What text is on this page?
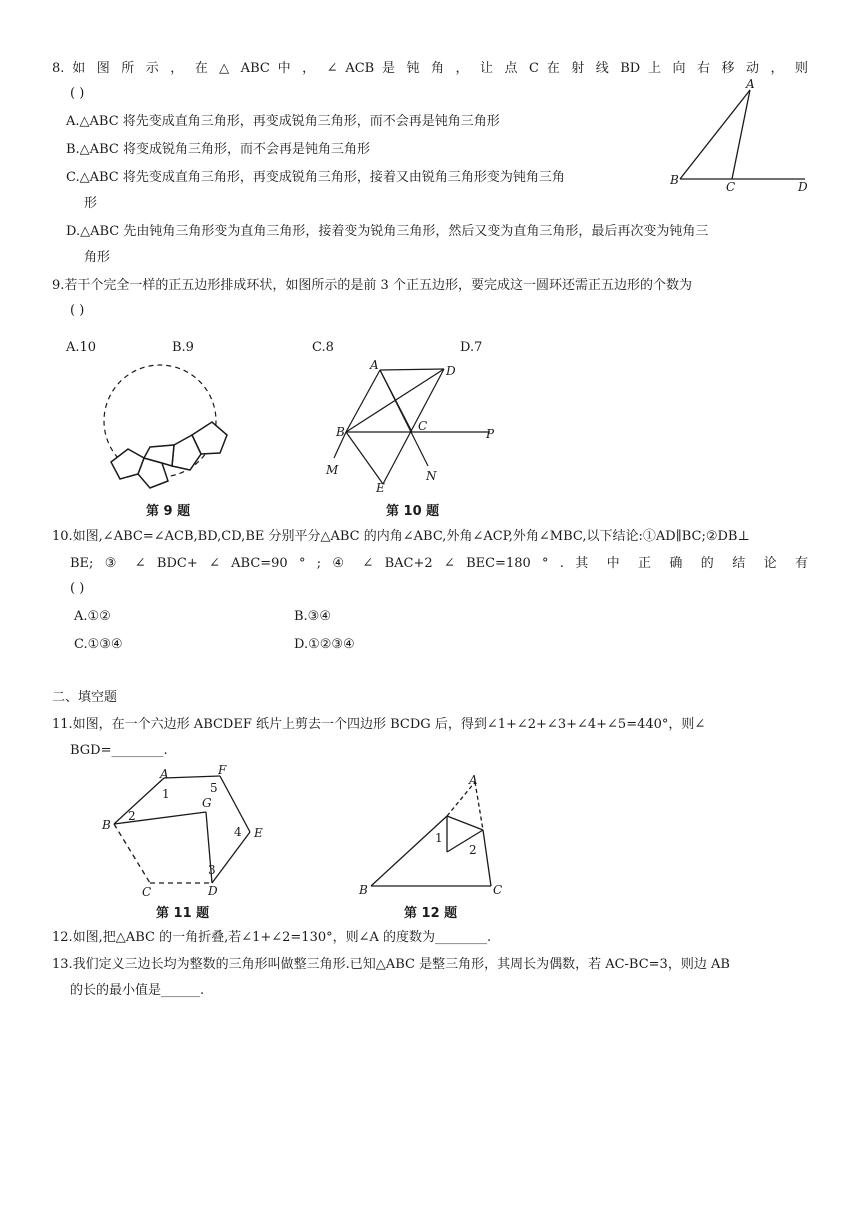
8. 如 图 所 示 ， 在 △ ABC 中 ， ∠ ACB 是 钝 角 ， 让 点 C 在 射 线 BD 上 向 右 移 动 ， 则
( )
A.△ABC 将先变成直角三角形，再变成锐角三角形，而不会再是钝角三角形
B.△ABC 将变成锐角三角形，而不会再是钝角三角形
C.△ABC 将先变成直角三角形，再变成锐角三角形，接着又由锐角三角形变为钝角三角
形
D.△ABC 先由钝角三角形变为直角三角形，接着变为锐角三角形，然后又变为直角三角形，最后再次变为钝角三
角形
A
B	C	D
9.若干个完全一样的正五边形排成环状，如图所示的是前 3 个正五边形，要完成这一圆环还需正五边形的个数为
( )
A.10	B.9	C.8	D.7
第 9 题
A	D
B	C
P
M
E
N
第 10 题
10.如图,∠ABC=∠ACB,BD,CD,BE 分别平分△ABC 的内角∠ABC,外角∠ACP,外角∠MBC,以下结论:①AD∥BC;②DB⊥
BE; ③ ∠ BDC+ ∠ ABC=90 ° ; ④ ∠ BAC+2 ∠ BEC=180 ° . 其 中 正 确 的 结 论 有
( )
A.①②	B.③④
C.①③④	D.①②③④
二、填空题
11.如图，在一个六边形 ABCDEF 纸片上剪去一个四边形 BCDG 后，得到∠1+∠2+∠3+∠4+∠5=440°，则∠
BGD=________.
A	F
G
B
E
C	D
1
2
3
4
5
第 11 题
A
B	C
1
2
第 12 题
12.如图,把△ABC 的一角折叠,若∠1+∠2=130°，则∠A 的度数为________.
13.我们定义三边长均为整数的三角形叫做整三角形.已知△ABC 是整三角形，其周长为偶数，若 AC-BC=3，则边 AB
的长的最小值是______.
